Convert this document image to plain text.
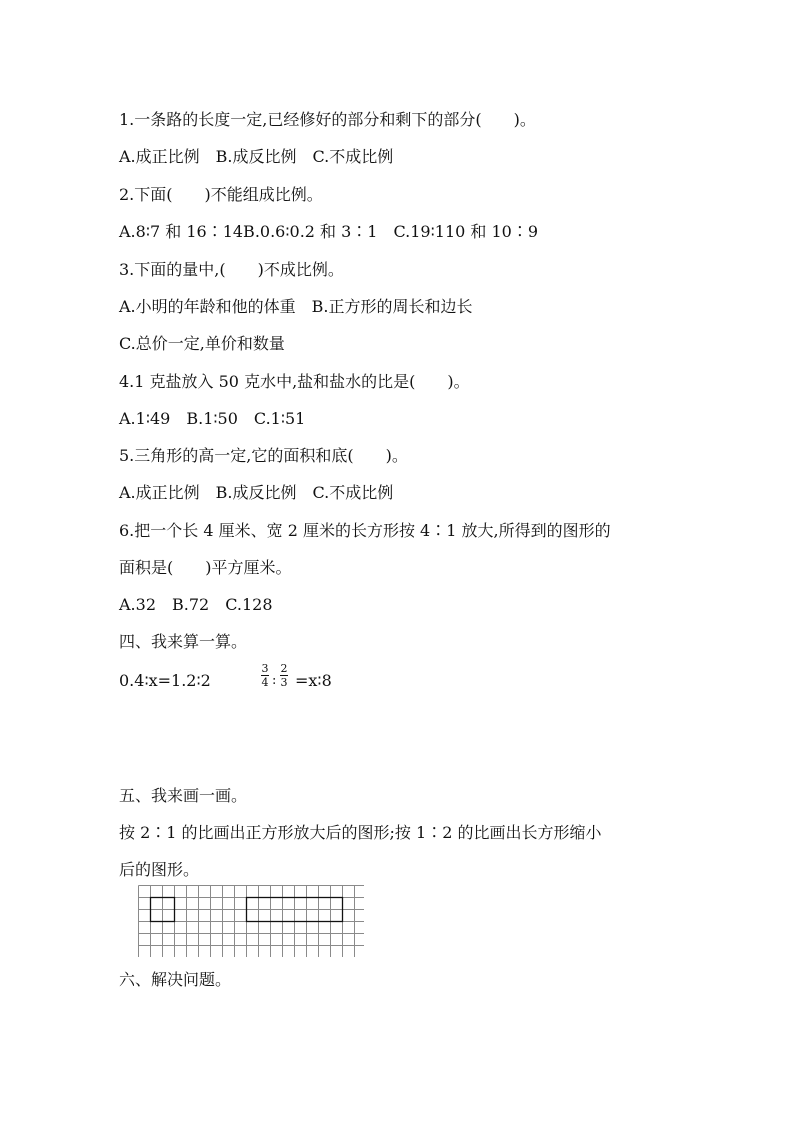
1.一条路的长度一定,已经修好的部分和剩下的部分(　　)。
A.成正比例　B.成反比例　C.不成比例
2.下面(　　)不能组成比例。
A.8∶7 和 16∶14B.0.6∶0.2 和 3∶1　C.19∶110 和 10∶9
3.下面的量中,(　　)不成比例。
A.小明的年龄和他的体重　B.正方形的周长和边长
C.总价一定,单价和数量
4.1 克盐放入 50 克水中,盐和盐水的比是(　　)。
A.1∶49　B.1∶50　C.1∶51
5.三角形的高一定,它的面积和底(　　)。
A.成正比例　B.成反比例　C.不成比例
6.把一个长 4 厘米、宽 2 厘米的长方形按 4∶1 放大,所得到的图形的
面积是(　　)平方厘米。
A.32　B.72　C.128
四、我来算一算。
0.4∶x=1.2∶2
3
4 :
2
3 =x∶8
五、我来画一画。
按 2∶1 的比画出正方形放大后的图形;按 1∶2 的比画出长方形缩小
后的图形。
六、解决问题。
